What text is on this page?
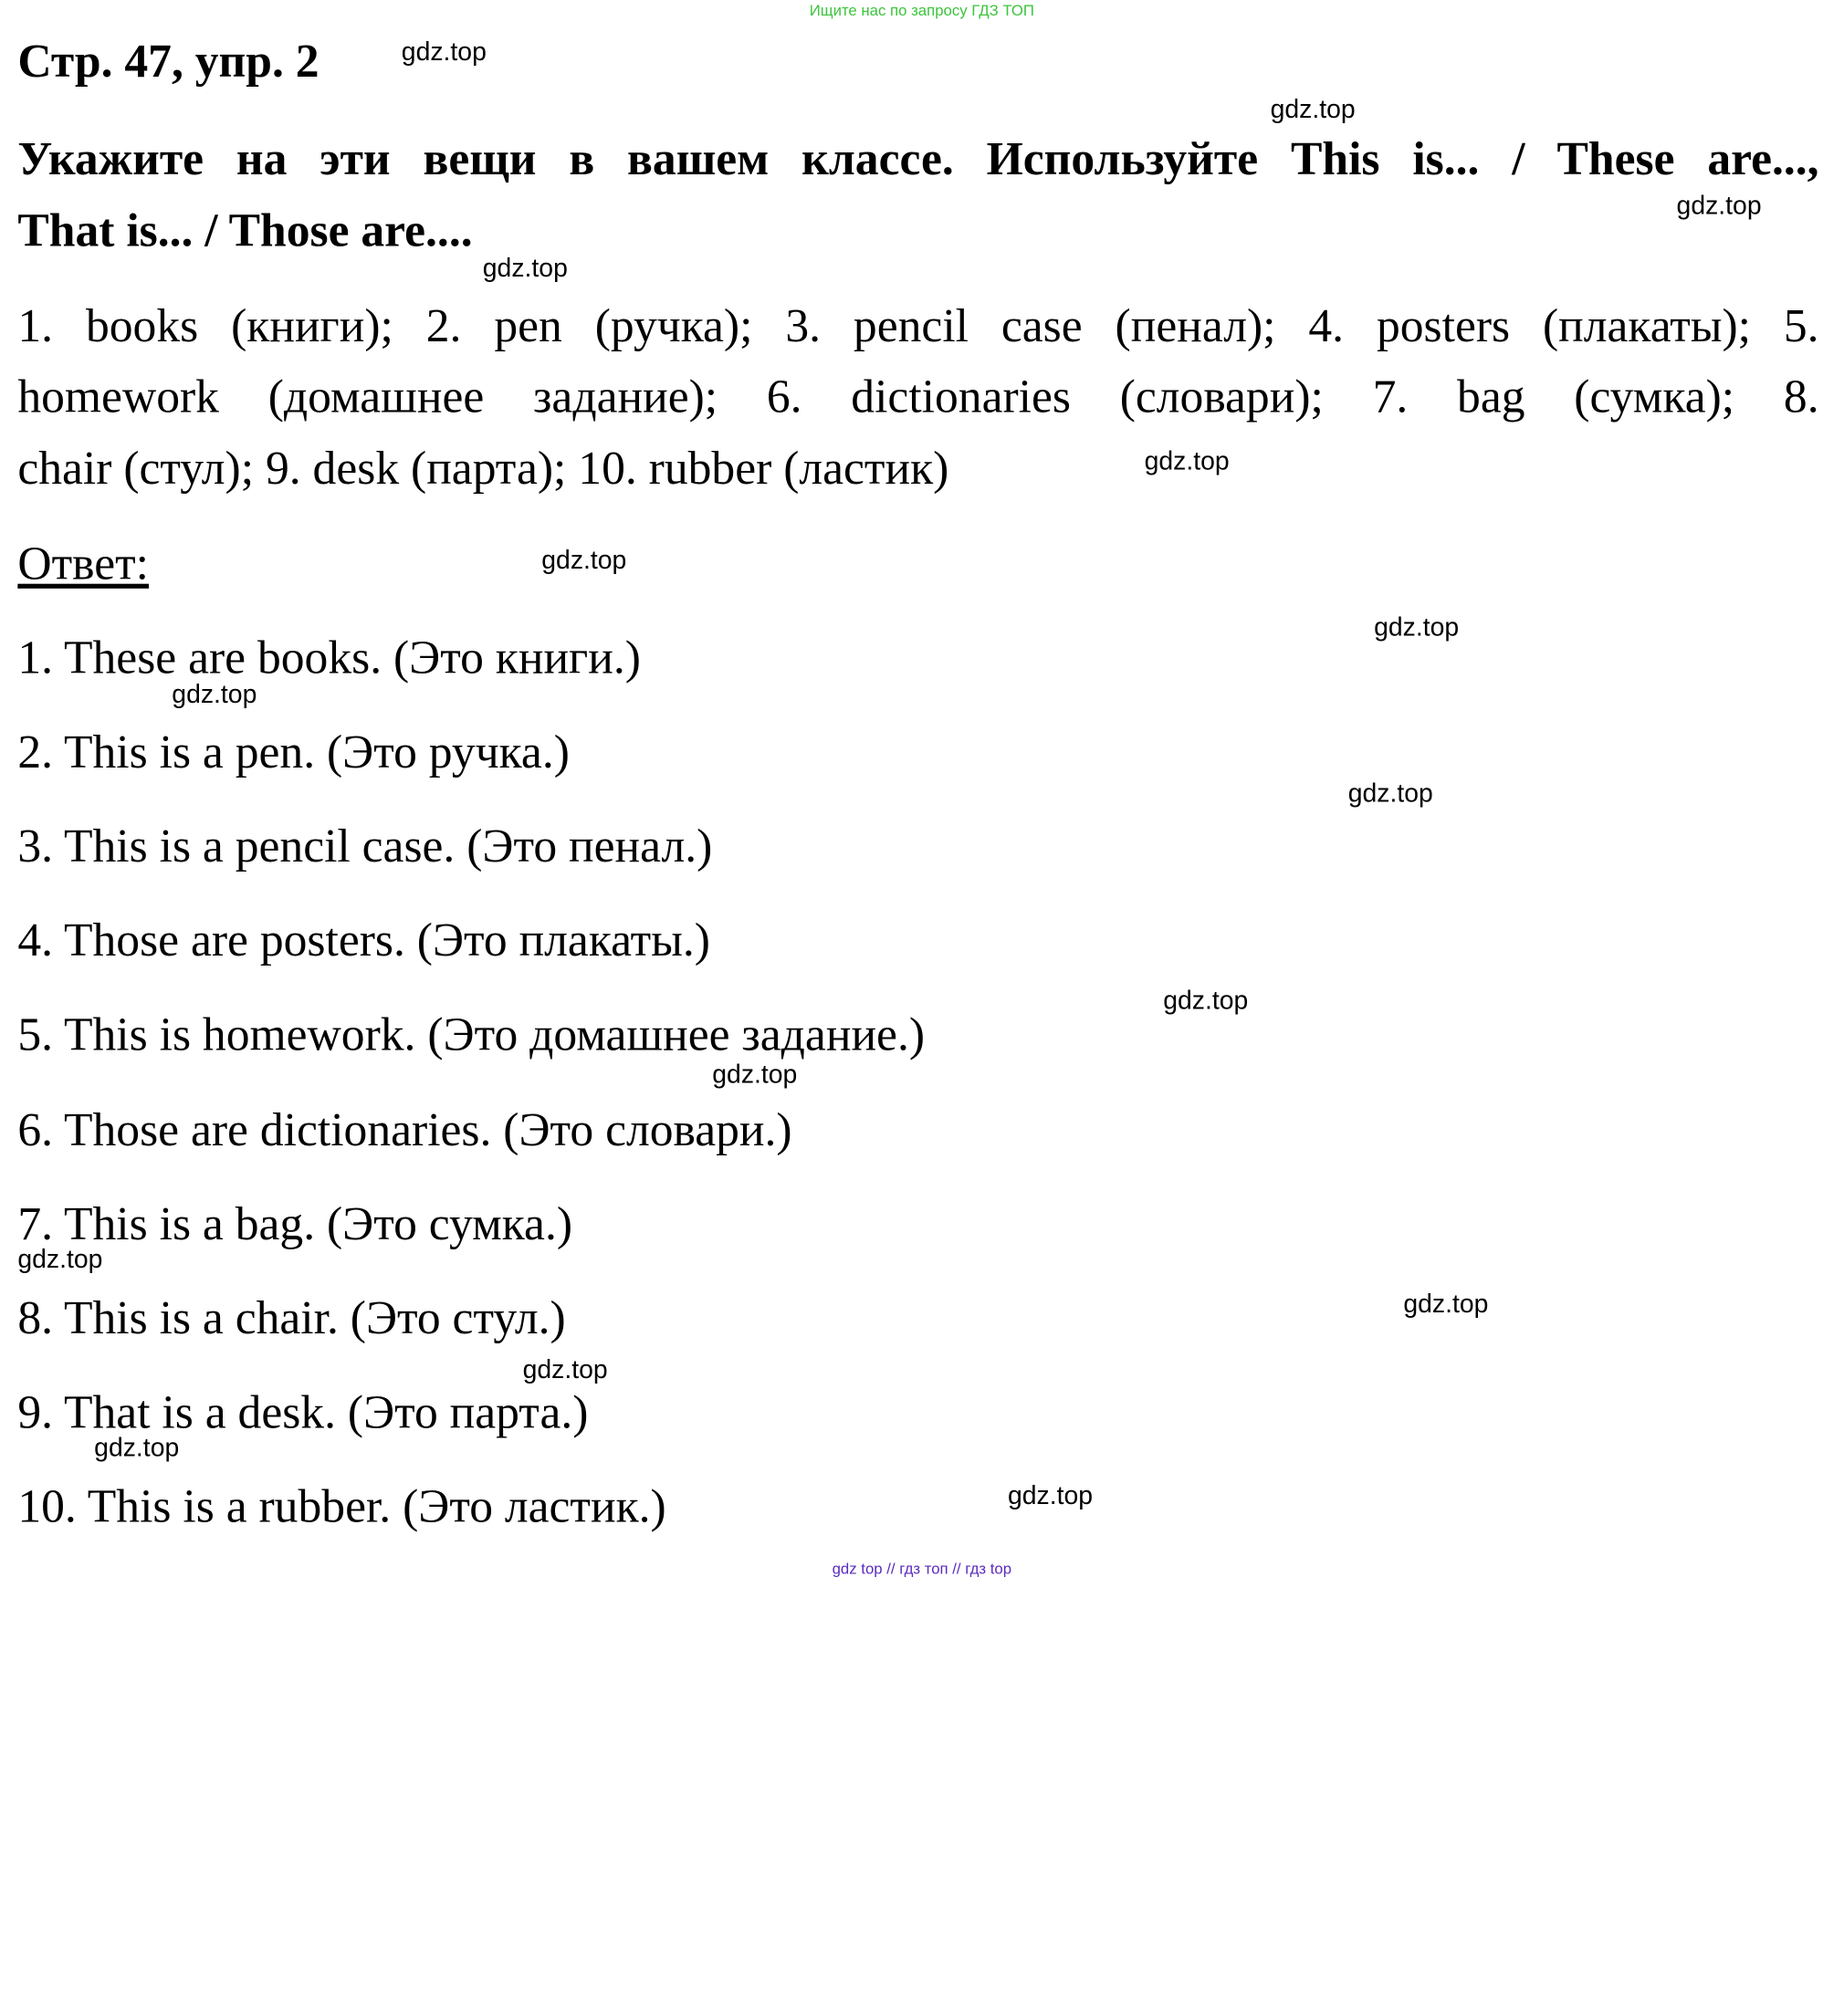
Ищите нас по запросу ГДЗ ТОП
Стр. 47, упр. 2
Укажите на эти вещи в вашем классе. Используйте This is... / These are...,
That is... / Those are....
1. books (книги); 2. pen (ручка); 3. pencil case (пенал); 4. posters (плакаты); 5.
homework (домашнее задание); 6. dictionaries (словари); 7. bag (сумка); 8.
chair (стул); 9. desk (парта); 10. rubber (ластик)
Ответ:
1. These are books. (Это книги.)
2. This is a pen. (Это ручка.)
3. This is a pencil case. (Это пенал.)
4. Those are posters. (Это плакаты.)
5. This is homework. (Это домашнее задание.)
6. Those are dictionaries. (Это словари.)
7. This is a bag. (Это сумка.)
8. This is a chair. (Это стул.)
9. That is a desk. (Это парта.)
10. This is a rubber. (Это ластик.)
gdz.top
gdz.top
gdz.top
gdz.top
gdz.top
gdz.top
gdz.top
gdz.top
gdz.top
gdz.top
gdz.top
gdz.top
gdz.top
gdz.top
gdz.top
gdz.top
gdz top // гдз топ // гдз top
